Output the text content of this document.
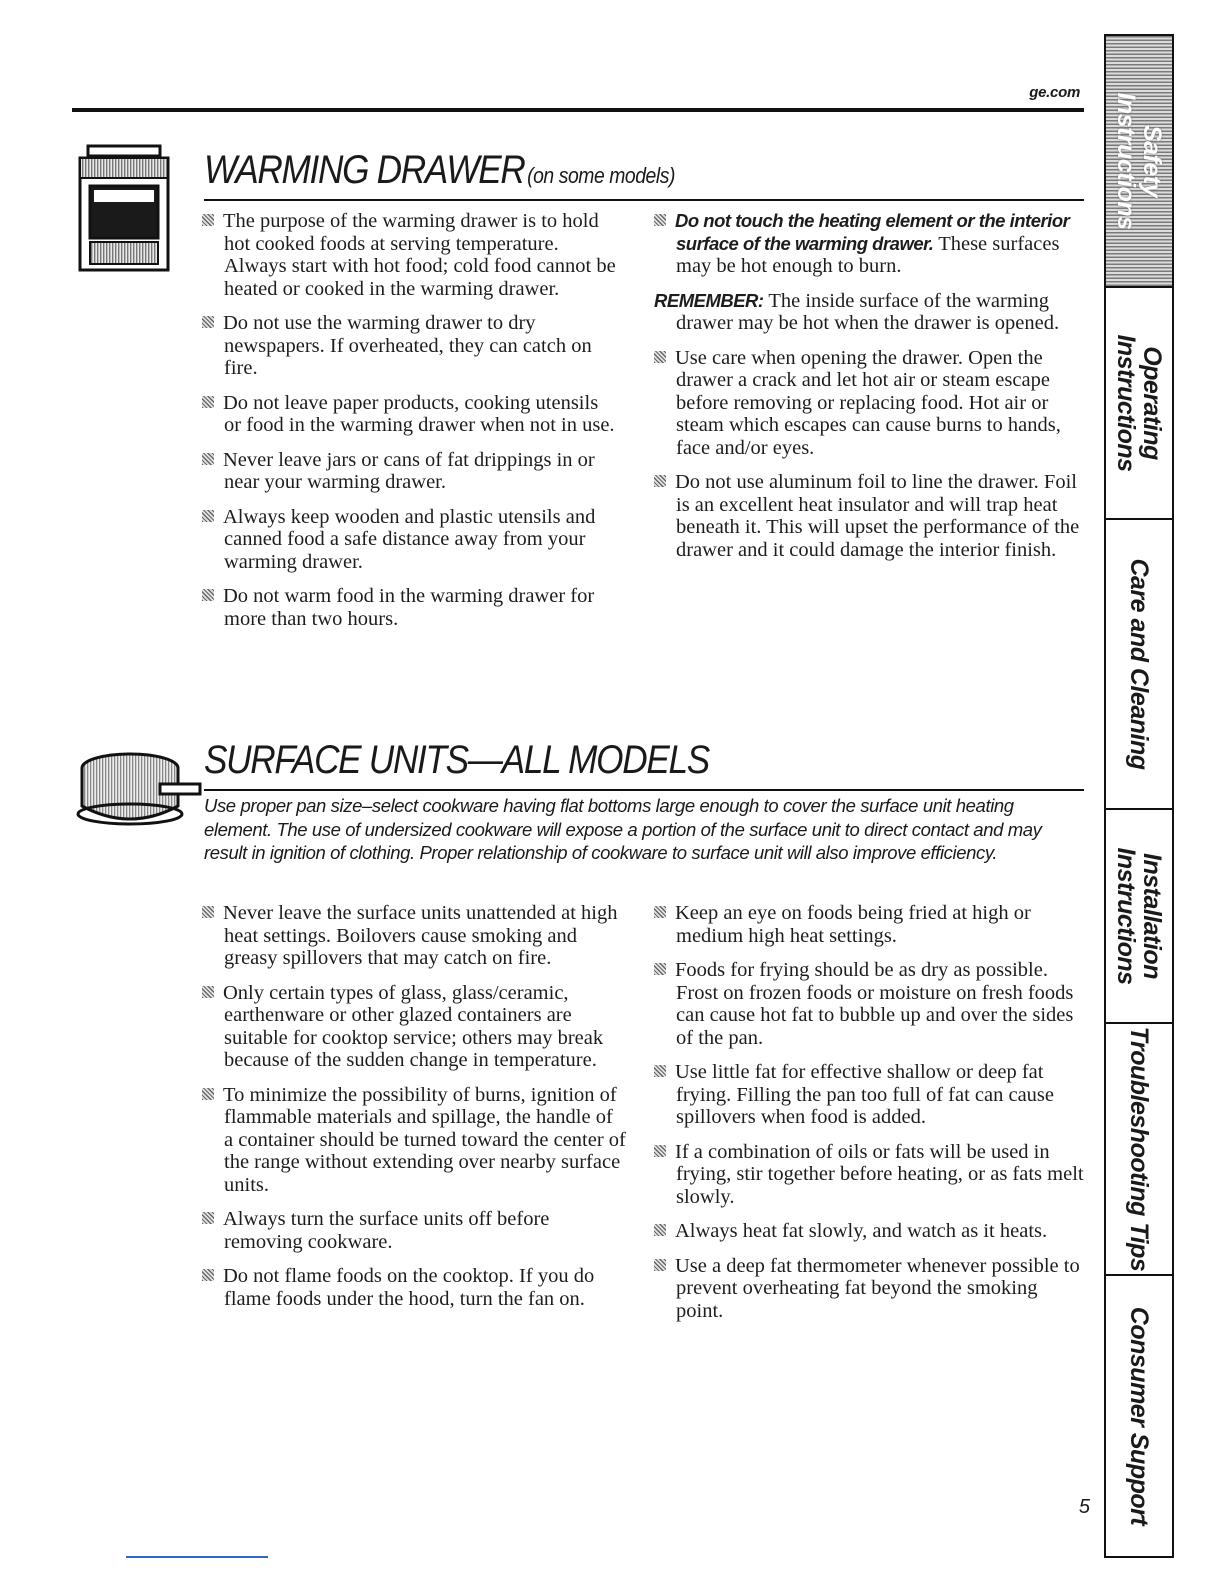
ge.com
WARMING DRAWER (on some models)

The purpose of the warming drawer is to hold hot cooked foods at serving temperature. Always start with hot food; cold food cannot be heated or cooked in the warming drawer.

Do not use the warming drawer to dry newspapers. If overheated, they can catch on fire.

Do not leave paper products, cooking utensils or food in the warming drawer when not in use.

Never leave jars or cans of fat drippings in or near your warming drawer.

Always keep wooden and plastic utensils and canned food a safe distance away from your warming drawer.

Do not warm food in the warming drawer for more than two hours.

Do not touch the heating element or the interior surface of the warming drawer. These surfaces may be hot enough to burn.

REMEMBER: The inside surface of the warming drawer may be hot when the drawer is opened.

Use care when opening the drawer. Open the drawer a crack and let hot air or steam escape before removing or replacing food. Hot air or steam which escapes can cause burns to hands, face and/or eyes.

Do not use aluminum foil to line the drawer. Foil is an excellent heat insulator and will trap heat beneath it. This will upset the performance of the drawer and it could damage the interior finish.

SURFACE UNITS—ALL MODELS
Use proper pan size–select cookware having flat bottoms large enough to cover the surface unit heating element. The use of undersized cookware will expose a portion of the surface unit to direct contact and may result in ignition of clothing. Proper relationship of cookware to surface unit will also improve efficiency.

Never leave the surface units unattended at high heat settings. Boilovers cause smoking and greasy spillovers that may catch on fire.

Only certain types of glass, glass/ceramic, earthenware or other glazed containers are suitable for cooktop service; others may break because of the sudden change in temperature.

To minimize the possibility of burns, ignition of flammable materials and spillage, the handle of a container should be turned toward the center of the range without extending over nearby surface units.

Always turn the surface units off before removing cookware.

Do not flame foods on the cooktop. If you do flame foods under the hood, turn the fan on.

Keep an eye on foods being fried at high or medium high heat settings.

Foods for frying should be as dry as possible. Frost on frozen foods or moisture on fresh foods can cause hot fat to bubble up and over the sides of the pan.

Use little fat for effective shallow or deep fat frying. Filling the pan too full of fat can cause spillovers when food is added.

If a combination of oils or fats will be used in frying, stir together before heating, or as fats melt slowly.

Always heat fat slowly, and watch as it heats.

Use a deep fat thermometer whenever possible to prevent overheating fat beyond the smoking point.

5
Safety
Instructions
Operating
Instructions
Care and Cleaning
Installation
Instructions
Troubleshooting Tips
Consumer Support
